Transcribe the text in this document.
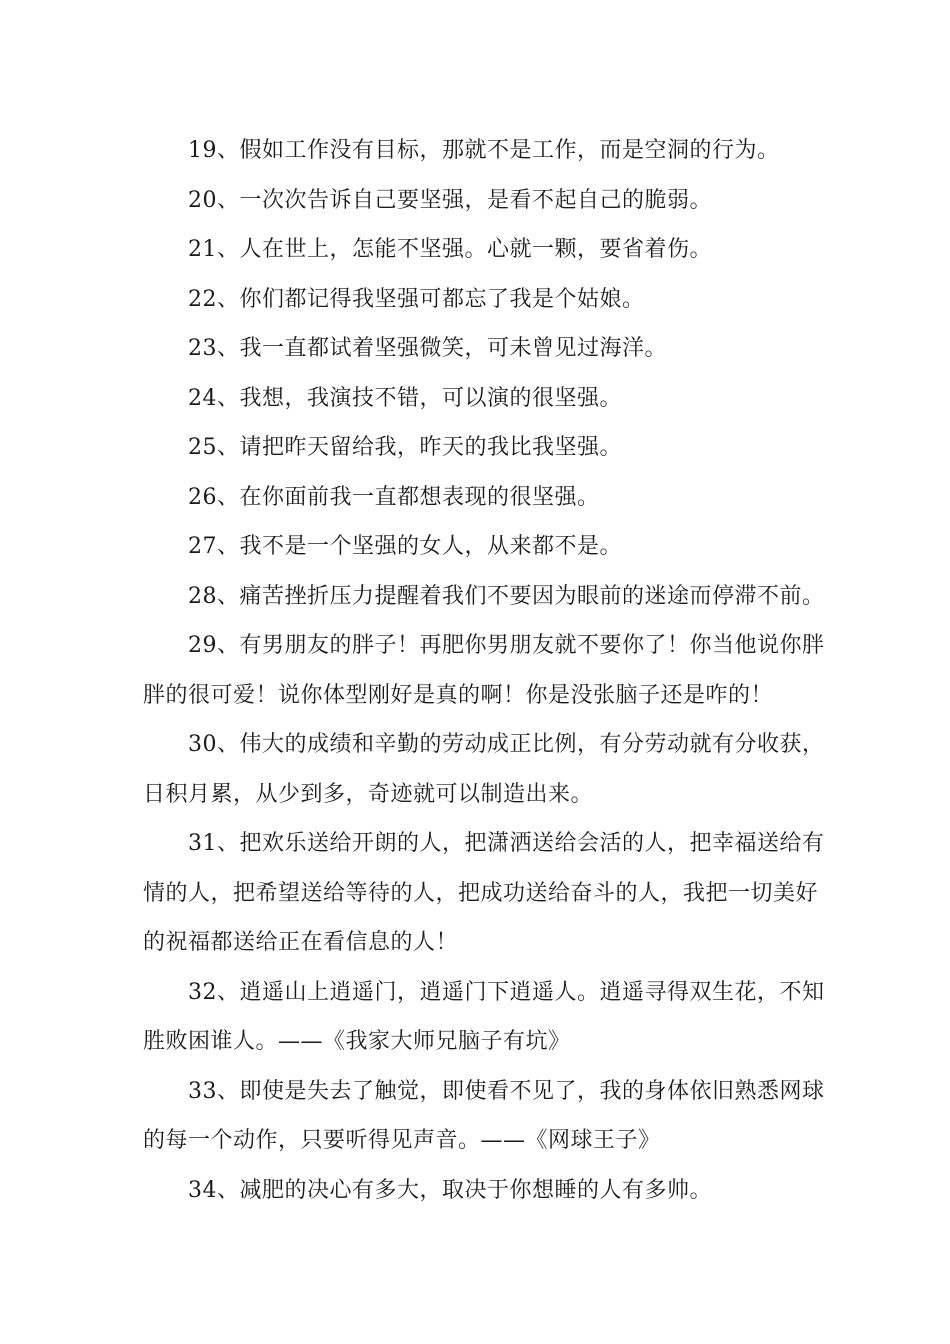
19、假如工作没有目标，那就不是工作，而是空洞的行为。

20、一次次告诉自己要坚强，是看不起自己的脆弱。

21、人在世上，怎能不坚强。心就一颗，要省着伤。

22、你们都记得我坚强可都忘了我是个姑娘。

23、我一直都试着坚强微笑，可未曾见过海洋。

24、我想，我演技不错，可以演的很坚强。

25、请把昨天留给我，昨天的我比我坚强。

26、在你面前我一直都想表现的很坚强。

27、我不是一个坚强的女人，从来都不是。

28、痛苦挫折压力提醒着我们不要因为眼前的迷途而停滞不前。

29、有男朋友的胖子！再肥你男朋友就不要你了！你当他说你胖胖的很可爱！说你体型刚好是真的啊！你是没张脑子还是咋的！

30、伟大的成绩和辛勤的劳动成正比例，有分劳动就有分收获，日积月累，从少到多，奇迹就可以制造出来。

31、把欢乐送给开朗的人，把潇洒送给会活的人，把幸福送给有情的人，把希望送给等待的人，把成功送给奋斗的人，我把一切美好的祝福都送给正在看信息的人！

32、逍遥山上逍遥门，逍遥门下逍遥人。逍遥寻得双生花，不知胜败困谁人。——《我家大师兄脑子有坑》

33、即使是失去了触觉，即使看不见了，我的身体依旧熟悉网球的每一个动作，只要听得见声音。——《网球王子》

34、减肥的决心有多大，取决于你想睡的人有多帅。
